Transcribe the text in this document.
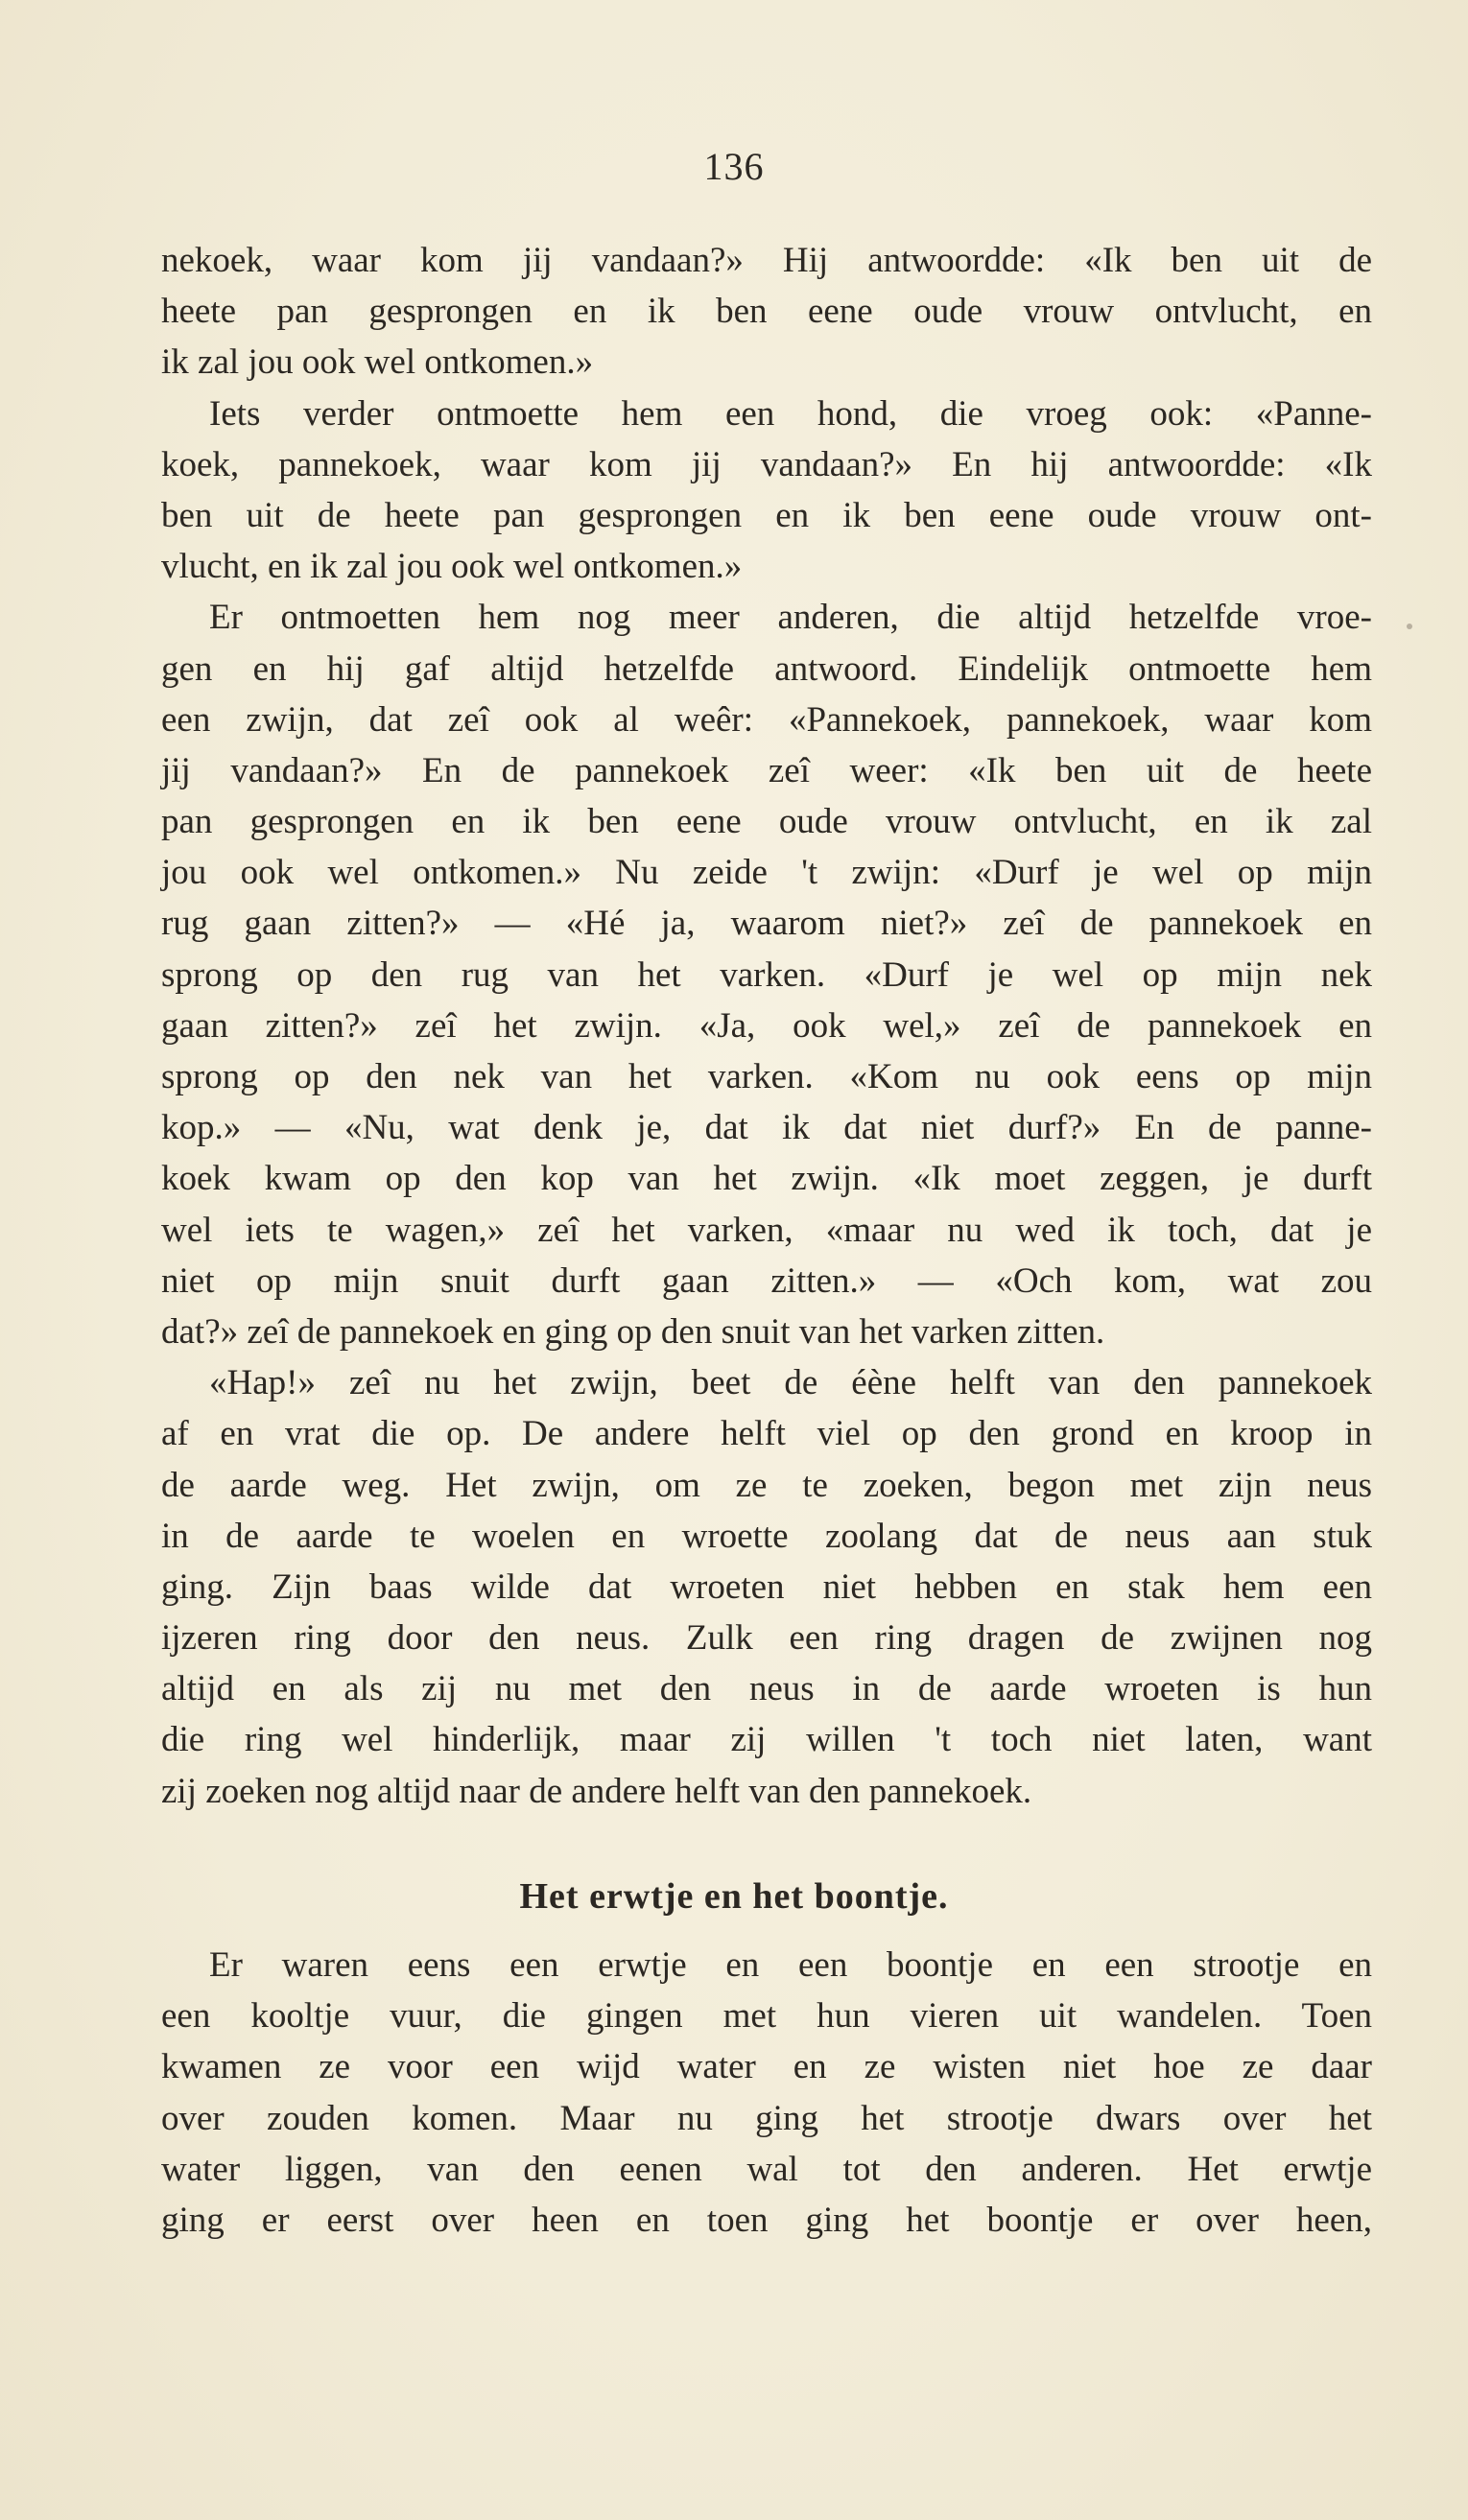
136
nekoek, waar kom jij vandaan?» Hij antwoordde: «Ik ben uit de
heete pan gesprongen en ik ben eene oude vrouw ontvlucht, en
ik zal jou ook wel ontkomen.»
Iets verder ontmoette hem een hond, die vroeg ook: «Panne-
koek, pannekoek, waar kom jij vandaan?» En hij antwoordde: «Ik
ben uit de heete pan gesprongen en ik ben eene oude vrouw ont-
vlucht, en ik zal jou ook wel ontkomen.»
Er ontmoetten hem nog meer anderen, die altijd hetzelfde vroe-
gen en hij gaf altijd hetzelfde antwoord. Eindelijk ontmoette hem
een zwijn, dat zeî ook al weêr: «Pannekoek, pannekoek, waar kom
jij vandaan?» En de pannekoek zeî weer: «Ik ben uit de heete
pan gesprongen en ik ben eene oude vrouw ontvlucht, en ik zal
jou ook wel ontkomen.» Nu zeide 't zwijn: «Durf je wel op mijn
rug gaan zitten?» — «Hé ja, waarom niet?» zeî de pannekoek en
sprong op den rug van het varken. «Durf je wel op mijn nek
gaan zitten?» zeî het zwijn. «Ja, ook wel,» zeî de pannekoek en
sprong op den nek van het varken. «Kom nu ook eens op mijn
kop.» — «Nu, wat denk je, dat ik dat niet durf?» En de panne-
koek kwam op den kop van het zwijn. «Ik moet zeggen, je durft
wel iets te wagen,» zeî het varken, «maar nu wed ik toch, dat je
niet op mijn snuit durft gaan zitten.» — «Och kom, wat zou
dat?» zeî de pannekoek en ging op den snuit van het varken zitten.
«Hap!» zeî nu het zwijn, beet de éène helft van den pannekoek
af en vrat die op. De andere helft viel op den grond en kroop in
de aarde weg. Het zwijn, om ze te zoeken, begon met zijn neus
in de aarde te woelen en wroette zoolang dat de neus aan stuk
ging. Zijn baas wilde dat wroeten niet hebben en stak hem een
ijzeren ring door den neus. Zulk een ring dragen de zwijnen nog
altijd en als zij nu met den neus in de aarde wroeten is hun
die ring wel hinderlijk, maar zij willen 't toch niet laten, want
zij zoeken nog altijd naar de andere helft van den pannekoek.
Het erwtje en het boontje.
Er waren eens een erwtje en een boontje en een strootje en
een kooltje vuur, die gingen met hun vieren uit wandelen. Toen
kwamen ze voor een wijd water en ze wisten niet hoe ze daar
over zouden komen. Maar nu ging het strootje dwars over het
water liggen, van den eenen wal tot den anderen. Het erwtje
ging er eerst over heen en toen ging het boontje er over heen,
